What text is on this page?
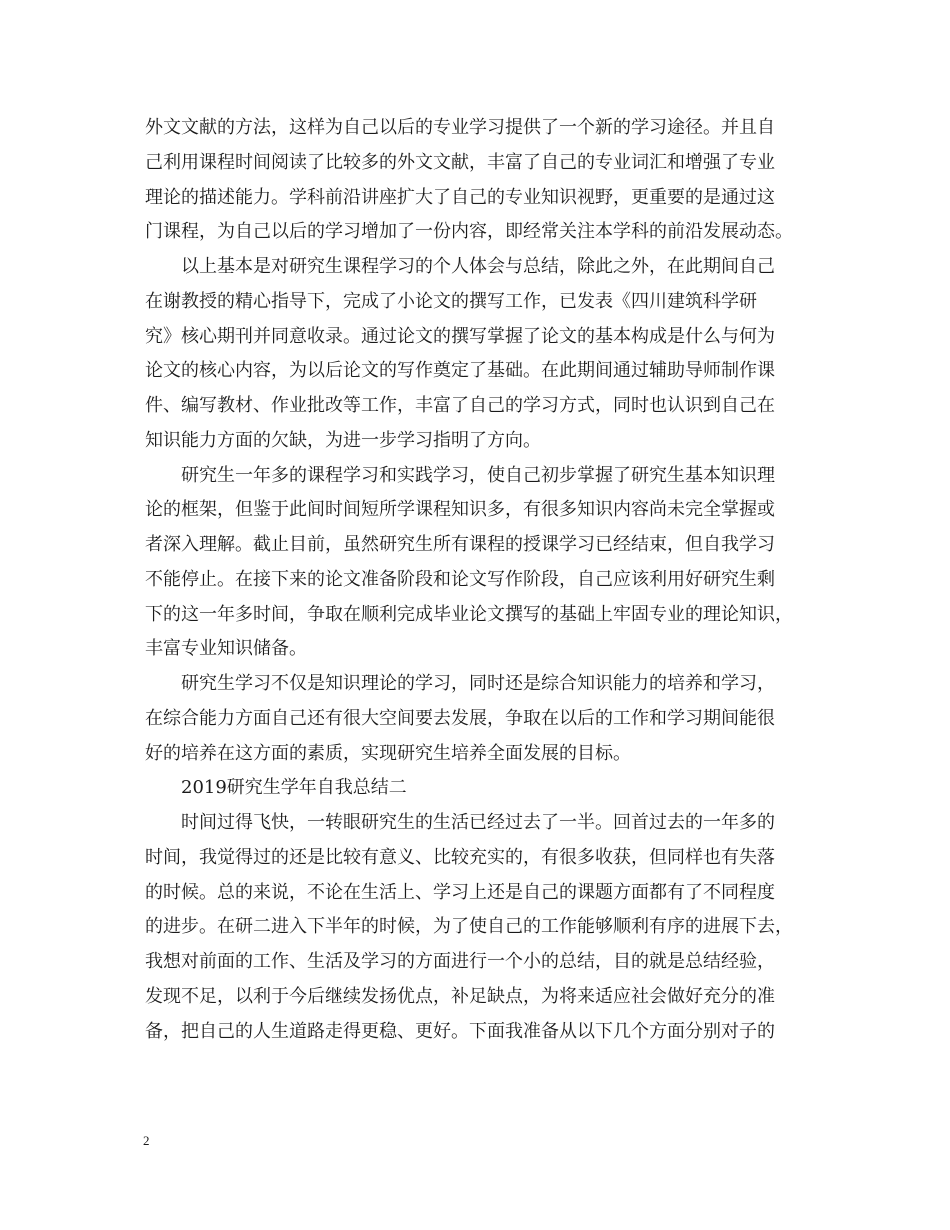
外文文献的方法，这样为自己以后的专业学习提供了一个新的学习途径。并且自
己利用课程时间阅读了比较多的外文文献，丰富了自己的专业词汇和增强了专业
理论的描述能力。学科前沿讲座扩大了自己的专业知识视野，更重要的是通过这
门课程，为自己以后的学习增加了一份内容，即经常关注本学科的前沿发展动态。
以上基本是对研究生课程学习的个人体会与总结，除此之外，在此期间自己
在谢教授的精心指导下，完成了小论文的撰写工作，已发表《四川建筑科学研
究》核心期刊并同意收录。通过论文的撰写掌握了论文的基本构成是什么与何为
论文的核心内容，为以后论文的写作奠定了基础。在此期间通过辅助导师制作课
件、编写教材、作业批改等工作，丰富了自己的学习方式，同时也认识到自己在
知识能力方面的欠缺，为进一步学习指明了方向。
研究生一年多的课程学习和实践学习，使自己初步掌握了研究生基本知识理
论的框架，但鉴于此间时间短所学课程知识多，有很多知识内容尚未完全掌握或
者深入理解。截止目前，虽然研究生所有课程的授课学习已经结束，但自我学习
不能停止。在接下来的论文准备阶段和论文写作阶段，自己应该利用好研究生剩
下的这一年多时间，争取在顺利完成毕业论文撰写的基础上牢固专业的理论知识，
丰富专业知识储备。
研究生学习不仅是知识理论的学习，同时还是综合知识能力的培养和学习，
在综合能力方面自己还有很大空间要去发展，争取在以后的工作和学习期间能很
好的培养在这方面的素质，实现研究生培养全面发展的目标。
2019研究生学年自我总结二
时间过得飞快，一转眼研究生的生活已经过去了一半。回首过去的一年多的
时间，我觉得过的还是比较有意义、比较充实的，有很多收获，但同样也有失落
的时候。总的来说，不论在生活上、学习上还是自己的课题方面都有了不同程度
的进步。在研二进入下半年的时候，为了使自己的工作能够顺利有序的进展下去，
我想对前面的工作、生活及学习的方面进行一个小的总结，目的就是总结经验，
发现不足，以利于今后继续发扬优点，补足缺点，为将来适应社会做好充分的准
备，把自己的人生道路走得更稳、更好。下面我准备从以下几个方面分别对子的
2
